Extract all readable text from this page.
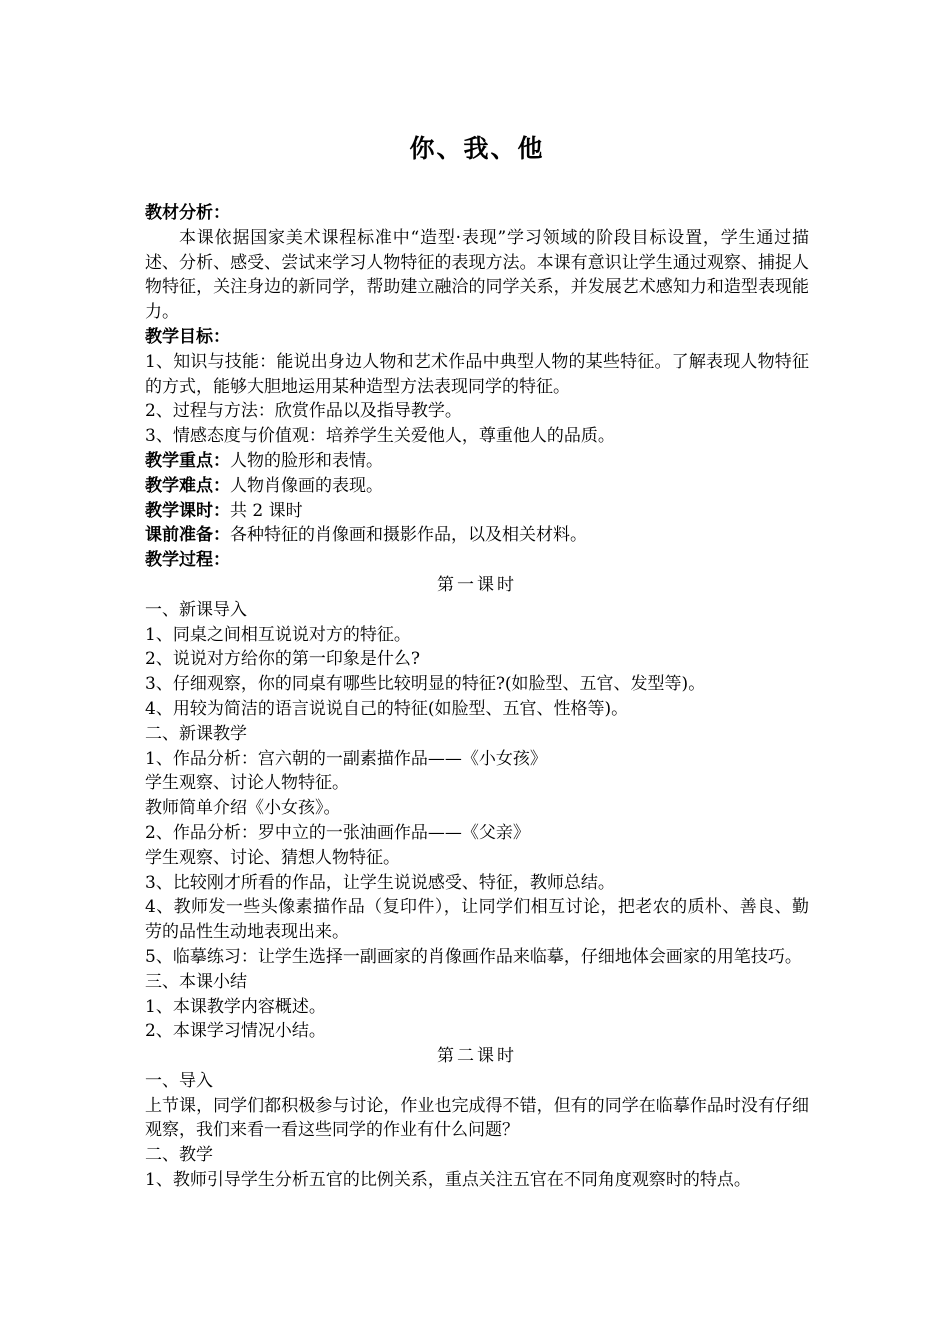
你、我、他

教材分析：

本课依据国家美术课程标准中“造型·表现”学习领域的阶段目标设置，学生通过描述、分析、感受、尝试来学习人物特征的表现方法。本课有意识让学生通过观察、捕捉人物特征，关注身边的新同学，帮助建立融洽的同学关系，并发展艺术感知力和造型表现能力。

教学目标：

1、知识与技能：能说出身边人物和艺术作品中典型人物的某些特征。了解表现人物特征的方式，能够大胆地运用某种造型方法表现同学的特征。

2、过程与方法：欣赏作品以及指导教学。

3、情感态度与价值观：培养学生关爱他人，尊重他人的品质。

教学重点：人物的脸形和表情。

教学难点：人物肖像画的表现。

教学课时：共 2 课时

课前准备：各种特征的肖像画和摄影作品，以及相关材料。

教学过程：

第一课时

一、新课导入

1、同桌之间相互说说对方的特征。

2、说说对方给你的第一印象是什么?

3、仔细观察，你的同桌有哪些比较明显的特征?(如脸型、五官、发型等)。

4、用较为简洁的语言说说自己的特征(如脸型、五官、性格等)。

二、新课教学

1、作品分析：宫六朝的一副素描作品——《小女孩》

学生观察、讨论人物特征。

教师简单介绍《小女孩》。

2、作品分析：罗中立的一张油画作品——《父亲》

学生观察、讨论、猜想人物特征。

3、比较刚才所看的作品，让学生说说感受、特征，教师总结。

4、教师发一些头像素描作品（复印件），让同学们相互讨论，把老农的质朴、善良、勤劳的品性生动地表现出来。

5、临摹练习：让学生选择一副画家的肖像画作品来临摹，仔细地体会画家的用笔技巧。

三、本课小结

1、本课教学内容概述。

2、本课学习情况小结。

第二课时

一、导入

上节课，同学们都积极参与讨论，作业也完成得不错，但有的同学在临摹作品时没有仔细观察，我们来看一看这些同学的作业有什么问题？

二、教学

1、教师引导学生分析五官的比例关系，重点关注五官在不同角度观察时的特点。
